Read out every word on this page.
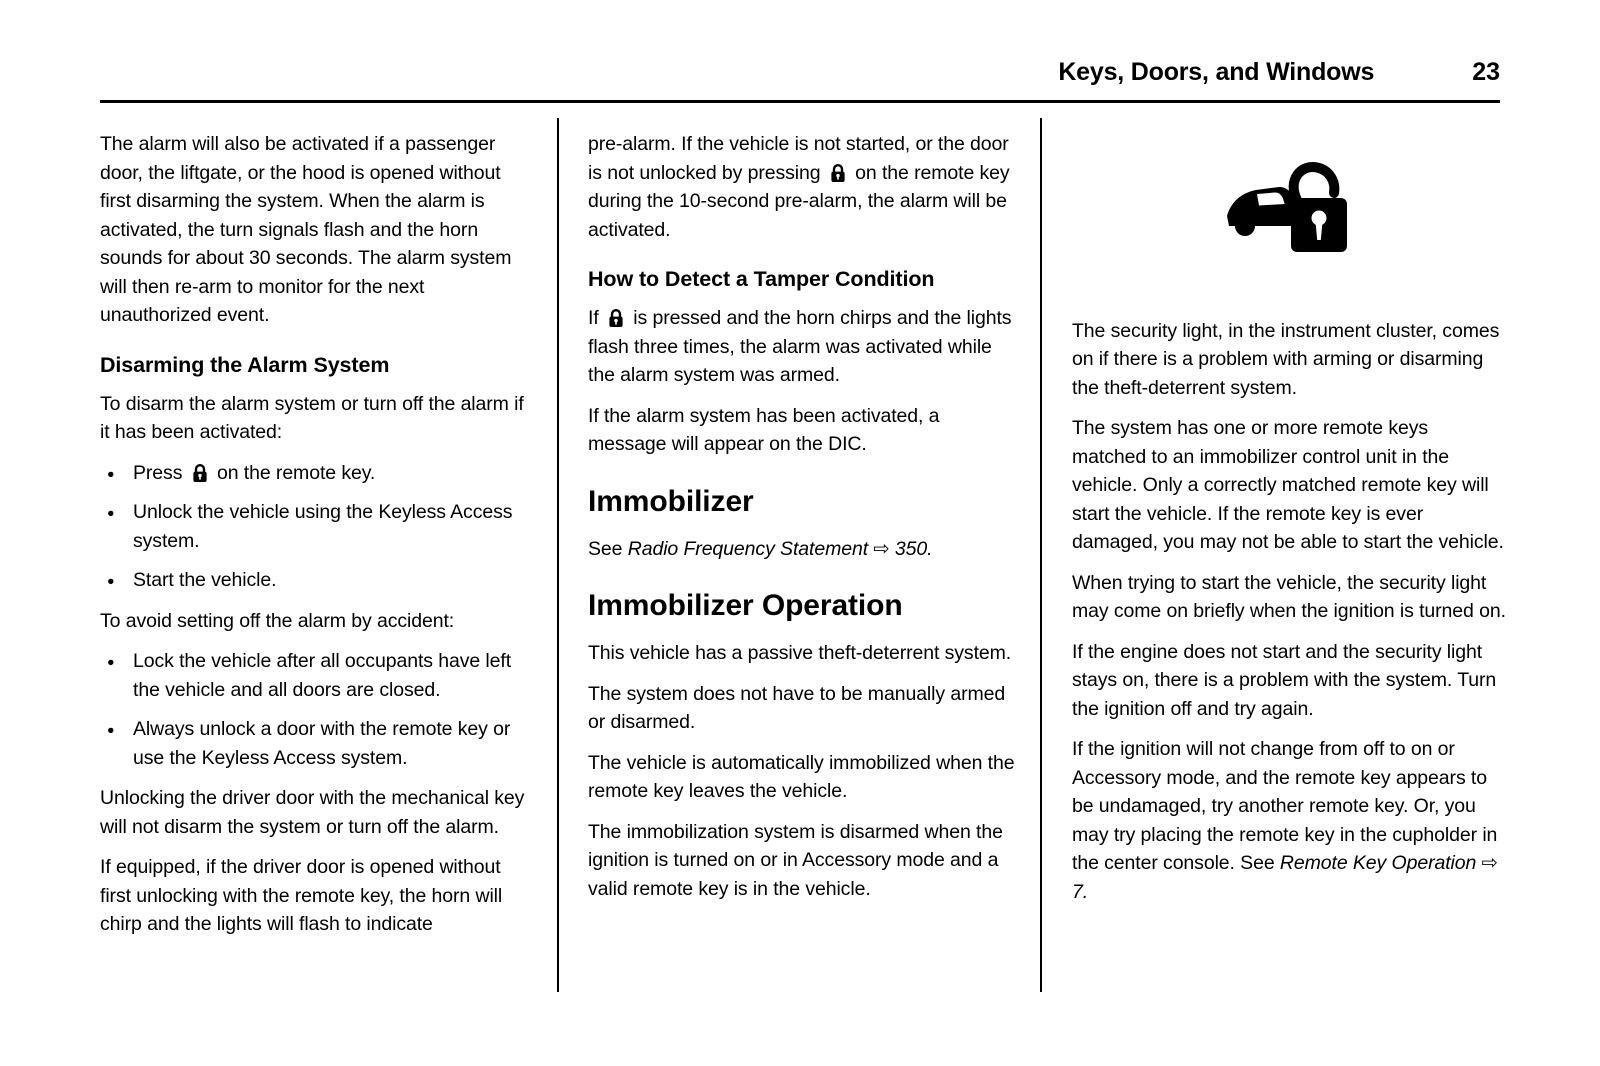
Keys, Doors, and Windows	23

The alarm will also be activated if a passenger door, the liftgate, or the hood is opened without first disarming the system. When the alarm is activated, the turn signals flash and the horn sounds for about 30 seconds. The alarm system will then re-arm to monitor for the next unauthorized event.

Disarming the Alarm System

To disarm the alarm system or turn off the alarm if it has been activated:

● Press  on the remote key.
● Unlock the vehicle using the Keyless Access system.
● Start the vehicle.

To avoid setting off the alarm by accident:

● Lock the vehicle after all occupants have left the vehicle and all doors are closed.
● Always unlock a door with the remote key or use the Keyless Access system.

Unlocking the driver door with the mechanical key will not disarm the system or turn off the alarm.

If equipped, if the driver door is opened without first unlocking with the remote key, the horn will chirp and the lights will flash to indicate

pre-alarm. If the vehicle is not started, or the door is not unlocked by pressing  on the remote key during the 10-second pre-alarm, the alarm will be activated.

How to Detect a Tamper Condition

If  is pressed and the horn chirps and the lights flash three times, the alarm was activated while the alarm system was armed.

If the alarm system has been activated, a message will appear on the DIC.

Immobilizer

See Radio Frequency Statement ⇨ 350.

Immobilizer Operation

This vehicle has a passive theft-deterrent system.

The system does not have to be manually armed or disarmed.

The vehicle is automatically immobilized when the remote key leaves the vehicle.

The immobilization system is disarmed when the ignition is turned on or in Accessory mode and a valid remote key is in the vehicle.

The security light, in the instrument cluster, comes on if there is a problem with arming or disarming the theft-deterrent system.

The system has one or more remote keys matched to an immobilizer control unit in the vehicle. Only a correctly matched remote key will start the vehicle. If the remote key is ever damaged, you may not be able to start the vehicle.

When trying to start the vehicle, the security light may come on briefly when the ignition is turned on.

If the engine does not start and the security light stays on, there is a problem with the system. Turn the ignition off and try again.

If the ignition will not change from off to on or Accessory mode, and the remote key appears to be undamaged, try another remote key. Or, you may try placing the remote key in the cupholder in the center console. See Remote Key Operation ⇨ 7.
